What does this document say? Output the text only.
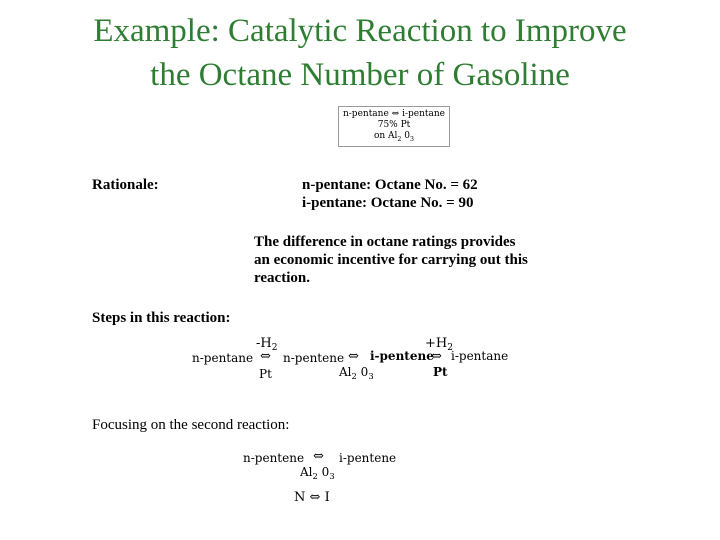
Example: Catalytic Reaction to Improve
the Octane Number of Gasoline
n-pentane ⇔ i-pentane
75% Pt
on $Al_2$ $0_3$
Rationale:	n-pentane: Octane No. = 62
i-pentane: Octane No. = 90
The difference in octane ratings provides
an economic incentive for carrying out this
reaction.
Steps in this reaction:
$-H_2$	$+H_2$
n-pentane ⇔ n-pentene ⇔ i-pentene
⇔ i-pentane
Pt	$Al_2$ $0_3$	Pt
Focusing on the second reaction:
n-pentene ⇔ i-pentene
$Al_2$ $0_3$
N ⇔ I
